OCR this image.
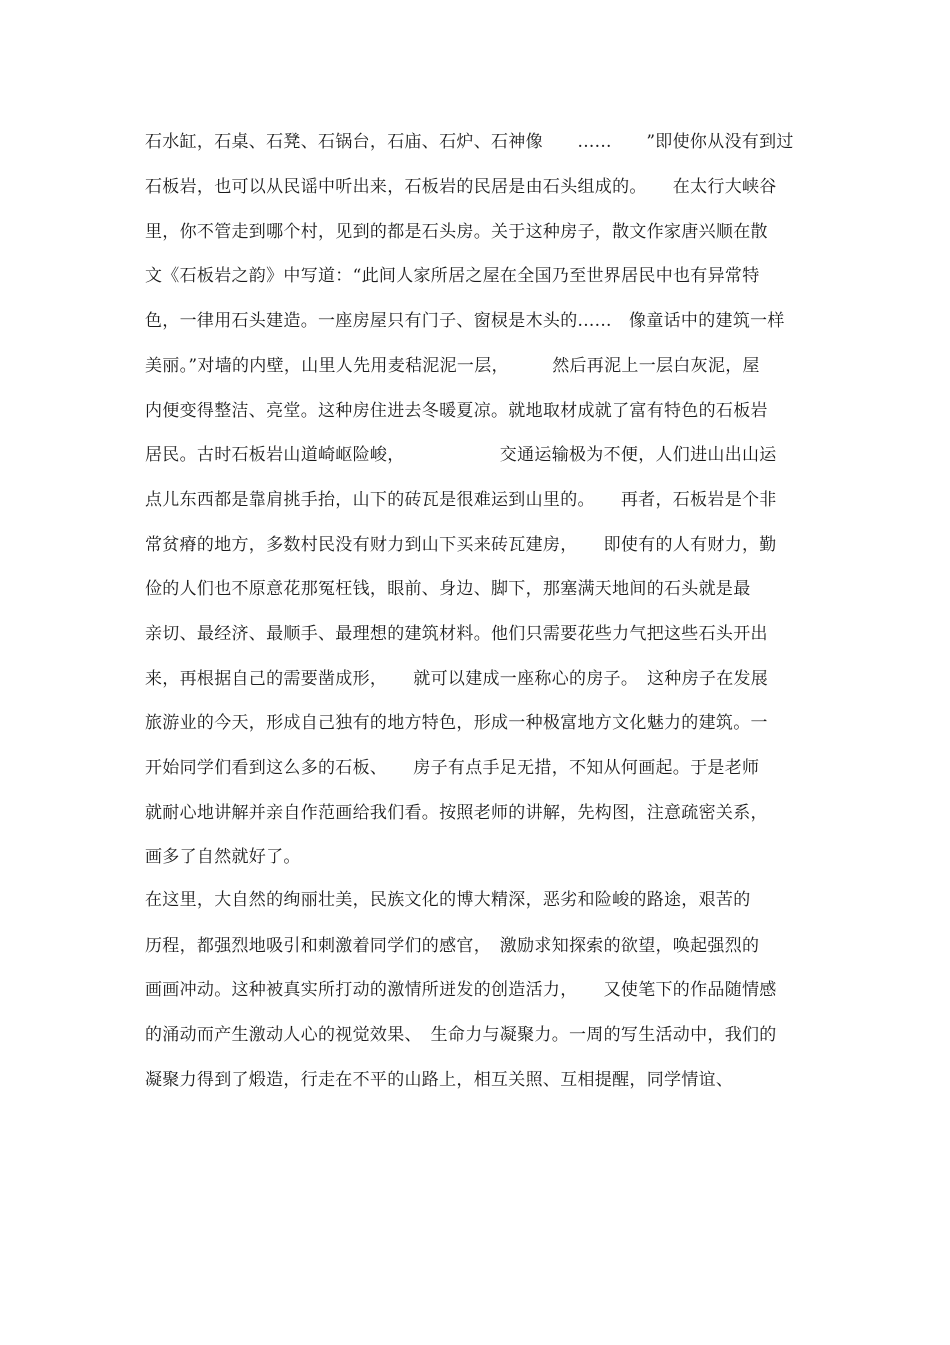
石水缸，石桌、石凳、石锅台，石庙、石炉、石神像　　......　　”即使你从没有到过
石板岩，也可以从民谣中听出来，石板岩的民居是由石头组成的。　　在太行大峡谷
里，你不管走到哪个村，见到的都是石头房。关于这种房子，散文作家唐兴顺在散
文《石板岩之韵》中写道：“此间人家所居之屋在全国乃至世界居民中也有异常特
色，一律用石头建造。一座房屋只有门子、窗棂是木头的......　像童话中的建筑一样
美丽。”对墙的内壁，山里人先用麦秸泥泥一层，　　　然后再泥上一层白灰泥，屋
内便变得整洁、亮堂。这种房住进去冬暖夏凉。就地取材成就了富有特色的石板岩
居民。古时石板岩山道崎岖险峻，　　　　　　交通运输极为不便，人们进山出山运
点儿东西都是靠肩挑手抬，山下的砖瓦是很难运到山里的。　　再者，石板岩是个非
常贫瘠的地方，多数村民没有财力到山下买来砖瓦建房，　　即使有的人有财力，勤
俭的人们也不原意花那冤枉钱，眼前、身边、脚下，那塞满天地间的石头就是最
亲切、最经济、最顺手、最理想的建筑材料。他们只需要花些力气把这些石头开出
来，再根据自己的需要凿成形，　　就可以建成一座称心的房子。　这种房子在发展
旅游业的今天，形成自己独有的地方特色，形成一种极富地方文化魅力的建筑。一
开始同学们看到这么多的石板、　　房子有点手足无措，不知从何画起。于是老师
就耐心地讲解并亲自作范画给我们看。按照老师的讲解，先构图，注意疏密关系，
画多了自然就好了。
在这里，大自然的绚丽壮美，民族文化的博大精深，恶劣和险峻的路途，艰苦的
历程，都强烈地吸引和刺激着同学们的感官，　激励求知探索的欲望，唤起强烈的
画画冲动。这种被真实所打动的激情所迸发的创造活力，　　又使笔下的作品随情感
的涌动而产生激动人心的视觉效果、　生命力与凝聚力。一周的写生活动中，我们的
凝聚力得到了煅造，行走在不平的山路上，相互关照、互相提醒，同学情谊、
